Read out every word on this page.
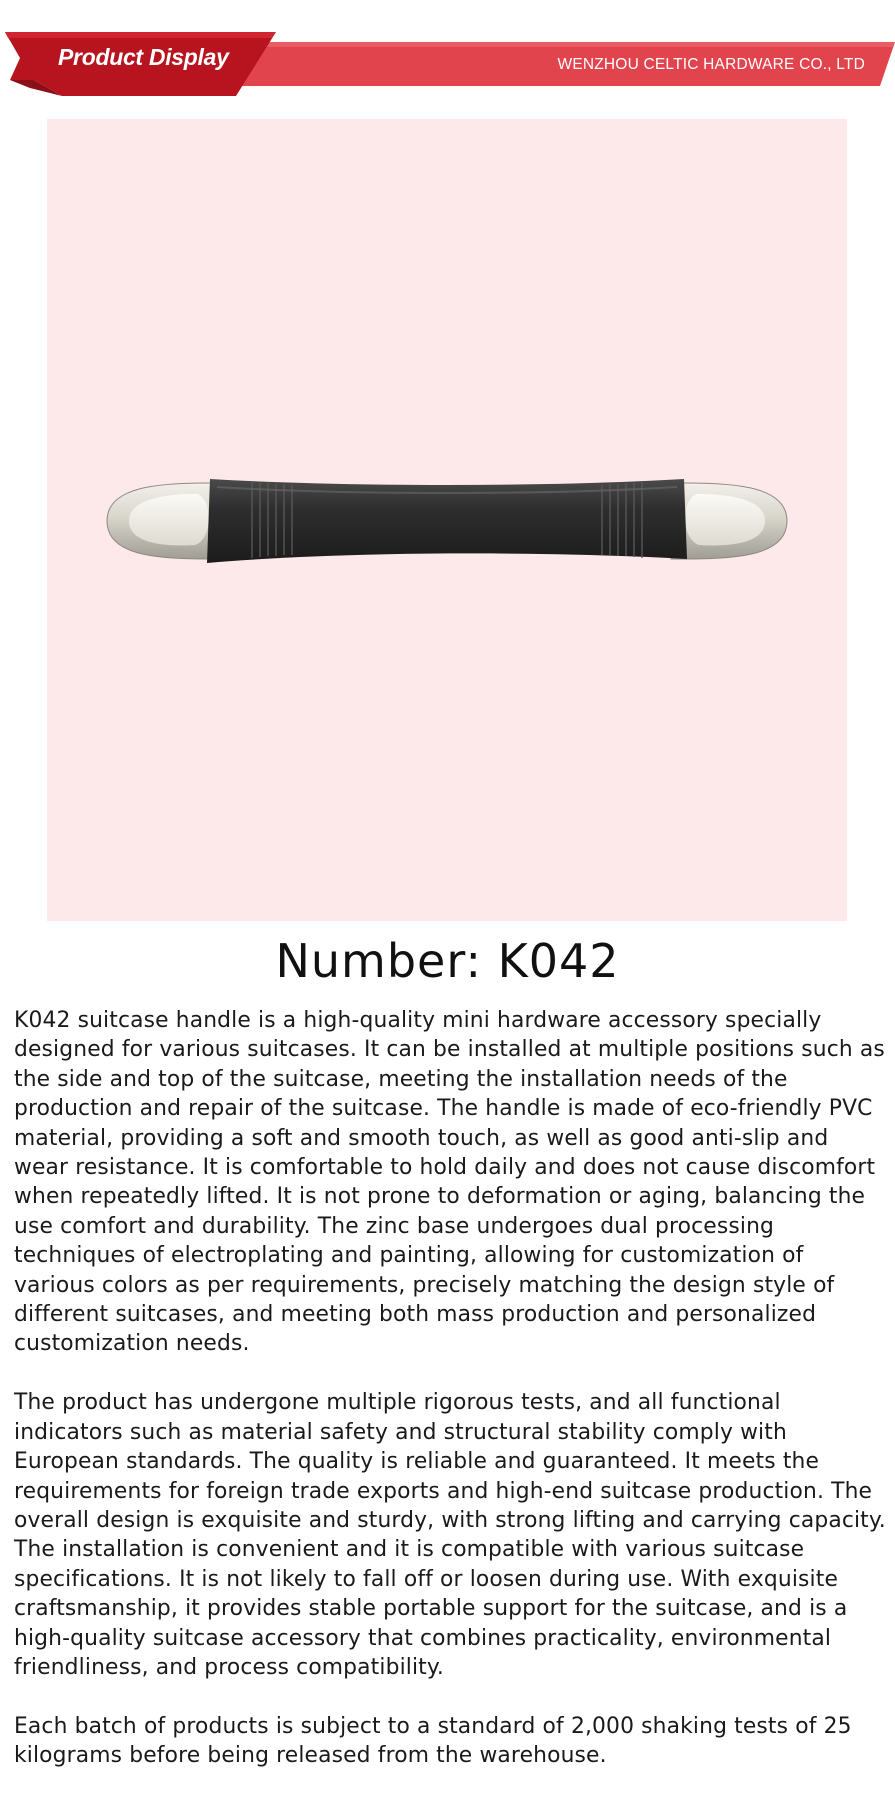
Product Display	WENZHOU CELTIC HARDWARE CO., LTD
Number: K042

K042 suitcase handle is a high-quality mini hardware accessory specially designed for various suitcases. It can be installed at multiple positions such as the side and top of the suitcase, meeting the installation needs of the production and repair of the suitcase. The handle is made of eco-friendly PVC material, providing a soft and smooth touch, as well as good anti-slip and wear resistance. It is comfortable to hold daily and does not cause discomfort when repeatedly lifted. It is not prone to deformation or aging, balancing the use comfort and durability. The zinc base undergoes dual processing techniques of electroplating and painting, allowing for customization of various colors as per requirements, precisely matching the design style of different suitcases, and meeting both mass production and personalized customization needs.

The product has undergone multiple rigorous tests, and all functional indicators such as material safety and structural stability comply with European standards. The quality is reliable and guaranteed. It meets the requirements for foreign trade exports and high-end suitcase production. The overall design is exquisite and sturdy, with strong lifting and carrying capacity. The installation is convenient and it is compatible with various suitcase specifications. It is not likely to fall off or loosen during use. With exquisite craftsmanship, it provides stable portable support for the suitcase, and is a high-quality suitcase accessory that combines practicality, environmental friendliness, and process compatibility.

Each batch of products is subject to a standard of 2,000 shaking tests of 25 kilograms before being released from the warehouse.
